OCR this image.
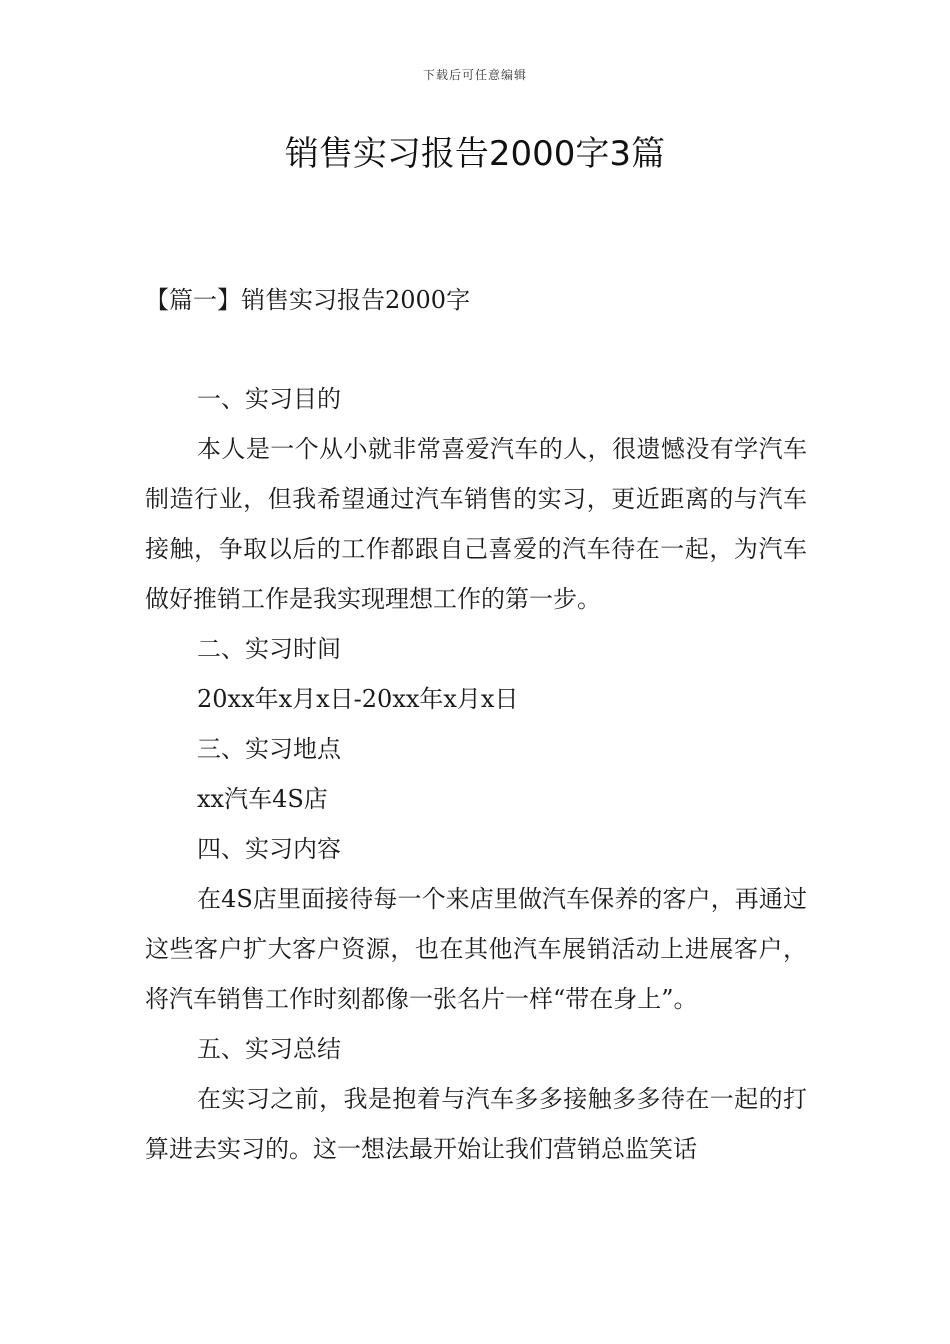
下载后可任意编辑
销售实习报告2000字3篇
【篇一】销售实习报告2000字

一、实习目的

本人是一个从小就非常喜爱汽车的人，很遗憾没有学汽车制造行业，但我希望通过汽车销售的实习，更近距离的与汽车接触，争取以后的工作都跟自己喜爱的汽车待在一起，为汽车做好推销工作是我实现理想工作的第一步。

二、实习时间

20xx年x月x日-20xx年x月x日

三、实习地点

xx汽车4S店

四、实习内容

在4S店里面接待每一个来店里做汽车保养的客户，再通过这些客户扩大客户资源，也在其他汽车展销活动上进展客户，将汽车销售工作时刻都像一张名片一样“带在身上”。

五、实习总结

在实习之前，我是抱着与汽车多多接触多多待在一起的打算进去实习的。这一想法最开始让我们营销总监笑话
